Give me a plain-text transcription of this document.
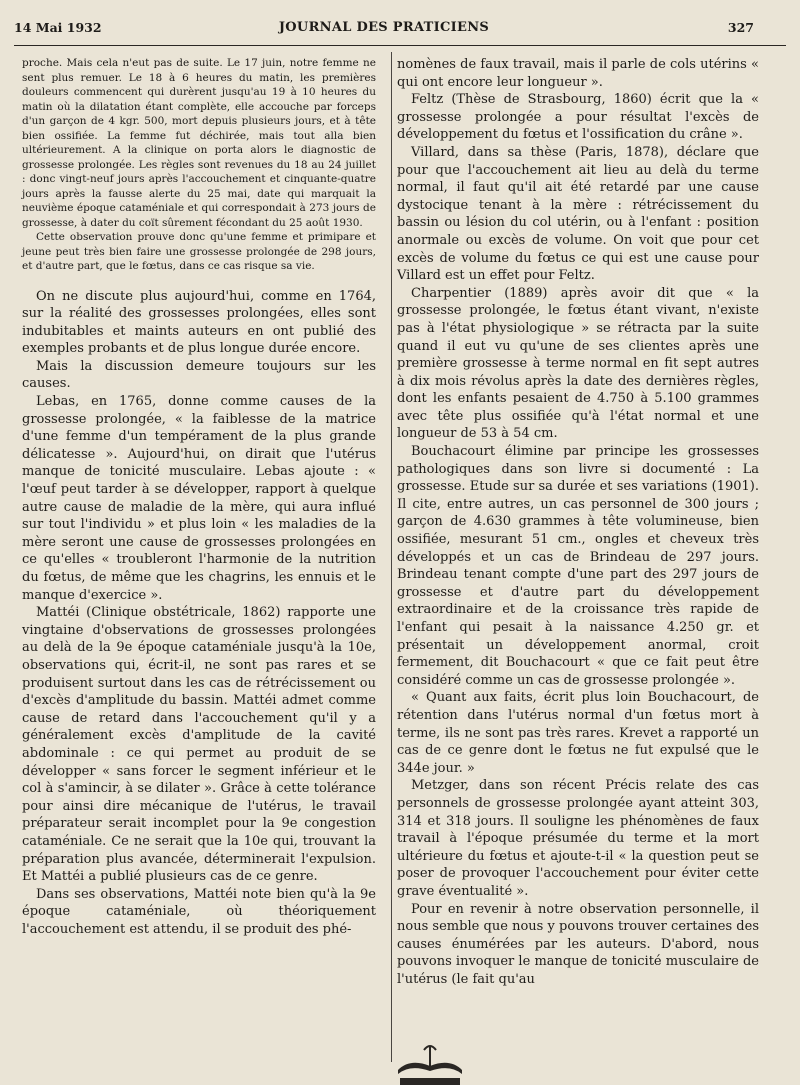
14 Mai 1932	JOURNAL DES PRATICIENS	327

proche. Mais cela n'eut pas de suite. Le 17 juin, notre femme ne sent plus remuer. Le 18 à 6 heures du matin, les premières douleurs commencent qui durèrent jusqu'au 19 à 10 heures du matin où la dilatation étant complète, elle accouche par forceps d'un garçon de 4 kgr. 500, mort depuis plusieurs jours, et à tête bien ossifiée. La femme fut déchirée, mais tout alla bien ultérieurement. A la clinique on porta alors le diagnostic de grossesse prolongée. Les règles sont revenues du 18 au 24 juillet : donc vingt-neuf jours après l'accouchement et cinquante-quatre jours après la fausse alerte du 25 mai, date qui marquait la neuvième époque cataméniale et qui correspondait à 273 jours de grossesse, à dater du coït sûrement fécondant du 25 août 1930.

Cette observation prouve donc qu'une femme et primipare et jeune peut très bien faire une grossesse prolongée de 298 jours, et d'autre part, que le fœtus, dans ce cas risque sa vie.

On ne discute plus aujourd'hui, comme en 1764, sur la réalité des grossesses prolongées, elles sont indubitables et maints auteurs en ont publié des exemples probants et de plus longue durée encore.

Mais la discussion demeure toujours sur les causes.

Lebas, en 1765, donne comme causes de la grossesse prolongée, « la faiblesse de la matrice d'une femme d'un tempérament de la plus grande délicatesse ». Aujourd'hui, on dirait que l'utérus manque de tonicité musculaire. Lebas ajoute : « l'œuf peut tarder à se développer, rapport à quelque autre cause de maladie de la mère, qui aura influé sur tout l'individu » et plus loin « les maladies de la mère seront une cause de grossesses prolongées en ce qu'elles « troubleront l'harmonie de la nutrition du fœtus, de même que les chagrins, les ennuis et le manque d'exercice ».

Mattéi (Clinique obstétricale, 1862) rapporte une vingtaine d'observations de grossesses prolongées au delà de la 9e époque cataméniale jusqu'à la 10e, observations qui, écrit-il, ne sont pas rares et se produisent surtout dans les cas de rétrécissement ou d'excès d'amplitude du bassin. Mattéi admet comme cause de retard dans l'accouchement qu'il y a généralement excès d'amplitude de la cavité abdominale : ce qui permet au produit de se développer « sans forcer le segment inférieur et le col à s'amincir, à se dilater ». Grâce à cette tolérance pour ainsi dire mécanique de l'utérus, le travail préparateur serait incomplet pour la 9e congestion cataméniale. Ce ne serait que la 10e qui, trouvant la préparation plus avancée, déterminerait l'expulsion. Et Mattéi a publié plusieurs cas de ce genre.

Dans ses observations, Mattéi note bien qu'à la 9e époque cataméniale, où théoriquement l'accouchement est attendu, il se produit des phé-

nomènes de faux travail, mais il parle de cols utérins « qui ont encore leur longueur ».

Feltz (Thèse de Strasbourg, 1860) écrit que la « grossesse prolongée a pour résultat l'excès de développement du fœtus et l'ossification du crâne ».

Villard, dans sa thèse (Paris, 1878), déclare que pour que l'accouchement ait lieu au delà du terme normal, il faut qu'il ait été retardé par une cause dystocique tenant à la mère : rétrécissement du bassin ou lésion du col utérin, ou à l'enfant : position anormale ou excès de volume. On voit que pour cet excès de volume du fœtus ce qui est une cause pour Villard est un effet pour Feltz.

Charpentier (1889) après avoir dit que « la grossesse prolongée, le fœtus étant vivant, n'existe pas à l'état physiologique » se rétracta par la suite quand il eut vu qu'une de ses clientes après une première grossesse à terme normal en fit sept autres à dix mois révolus après la date des dernières règles, dont les enfants pesaient de 4.750 à 5.100 grammes avec tête plus ossifiée qu'à l'état normal et une longueur de 53 à 54 cm.

Bouchacourt élimine par principe les grossesses pathologiques dans son livre si documenté : La grossesse. Etude sur sa durée et ses variations (1901). Il cite, entre autres, un cas personnel de 300 jours ; garçon de 4.630 grammes à tête volumineuse, bien ossifiée, mesurant 51 cm., ongles et cheveux très développés et un cas de Brindeau de 297 jours. Brindeau tenant compte d'une part des 297 jours de grossesse et d'autre part du développement extraordinaire et de la croissance très rapide de l'enfant qui pesait à la naissance 4.250 gr. et présentait un développement anormal, croit fermement, dit Bouchacourt « que ce fait peut être considéré comme un cas de grossesse prolongée ».

« Quant aux faits, écrit plus loin Bouchacourt, de rétention dans l'utérus normal d'un fœtus mort à terme, ils ne sont pas très rares. Krevet a rapporté un cas de ce genre dont le fœtus ne fut expulsé que le 344e jour. »

Metzger, dans son récent Précis relate des cas personnels de grossesse prolongée ayant atteint 303, 314 et 318 jours. Il souligne les phénomènes de faux travail à l'époque présumée du terme et la mort ultérieure du fœtus et ajoute-t-il « la question peut se poser de provoquer l'accouchement pour éviter cette grave éventualité ».

Pour en revenir à notre observation personnelle, il nous semble que nous y pouvons trouver certaines des causes énumérées par les auteurs. D'abord, nous pouvons invoquer le manque de tonicité musculaire de l'utérus (le fait qu'au
